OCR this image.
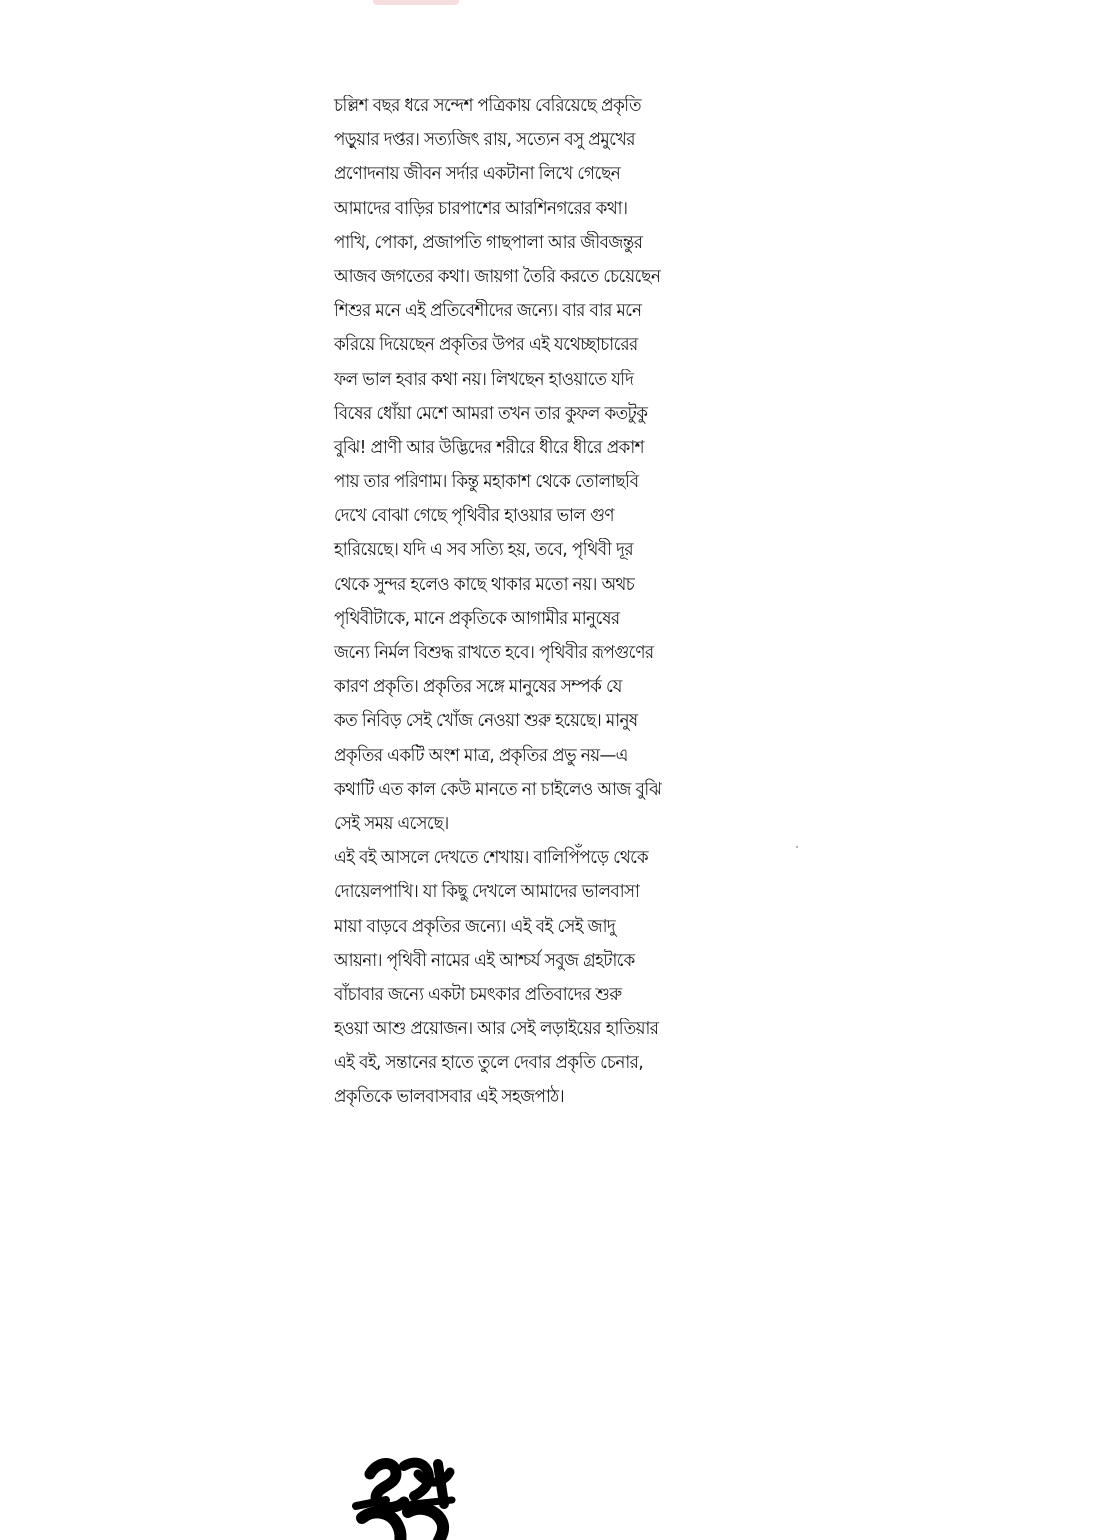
চল্লিশ বছর ধরে সন্দেশ পত্রিকায় বেরিয়েছে প্রকৃতি
পড়ুয়ার দপ্তর। সত্যজিৎ রায়, সত্যেন বসু প্রমুখের
প্রণোদনায় জীবন সর্দার একটানা লিখে গেছেন
আমাদের বাড়ির চারপাশের আরশিনগরের কথা।
পাখি, পোকা, প্রজাপতি গাছপালা আর জীবজন্তুর
আজব জগতের কথা। জায়গা তৈরি করতে চেয়েছেন
শিশুর মনে এই প্রতিবেশীদের জন্যে। বার বার মনে
করিয়ে দিয়েছেন প্রকৃতির উপর এই যথেচ্ছাচারের
ফল ভাল হবার কথা নয়। লিখছেন হাওয়াতে যদি
বিষের ধোঁয়া মেশে আমরা তখন তার কুফল কতটুকু
বুঝি! প্রাণী আর উদ্ভিদের শরীরে ধীরে ধীরে প্রকাশ
পায় তার পরিণাম। কিন্তু মহাকাশ থেকে তোলাছবি
দেখে বোঝা গেছে পৃথিবীর হাওয়ার ভাল গুণ
হারিয়েছে। যদি এ সব সত্যি হয়, তবে, পৃথিবী দূর
থেকে সুন্দর হলেও কাছে থাকার মতো নয়। অথচ
পৃথিবীটাকে, মানে প্রকৃতিকে আগামীর মানুষের
জন্যে নির্মল বিশুদ্ধ রাখতে হবে। পৃথিবীর রূপগুণের
কারণ প্রকৃতি। প্রকৃতির সঙ্গে মানুষের সম্পর্ক যে
কত নিবিড় সেই খোঁজ নেওয়া শুরু হয়েছে। মানুষ
প্রকৃতির একটি অংশ মাত্র, প্রকৃতির প্রভু নয়—এ
কথাটি এত কাল কেউ মানতে না চাইলেও আজ বুঝি
সেই সময় এসেছে।
এই বই আসলে দেখতে শেখায়। বালিপিঁপড়ে থেকে
দোয়েলপাখি। যা কিছু দেখলে আমাদের ভালবাসা
মায়া বাড়বে প্রকৃতির জন্যে। এই বই সেই জাদু
আয়না। পৃথিবী নামের এই আশ্চর্য সবুজ গ্রহটাকে
বাঁচাবার জন্যে একটা চমৎকার প্রতিবাদের শুরু
হওয়া আশু প্রয়োজন। আর সেই লড়াইয়ের হাতিয়ার
এই বই, সন্তানের হাতে তুলে দেবার প্রকৃতি চেনার,
প্রকৃতিকে ভালবাসবার এই সহজপাঠ।
